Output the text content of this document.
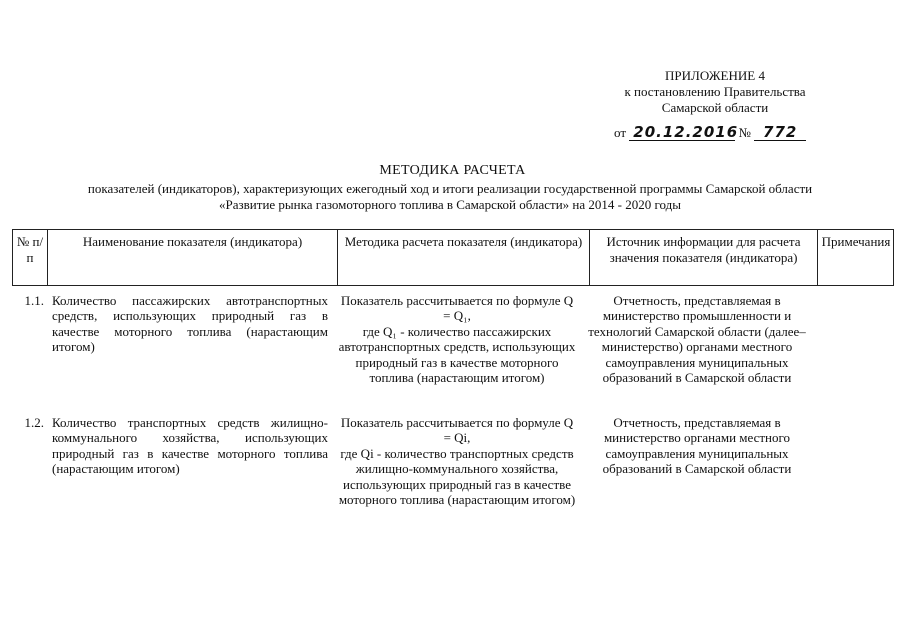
ПРИЛОЖЕНИЕ 4
к постановлению Правительства
Самарской области
от 20.12.2016 № 772
МЕТОДИКА РАСЧЕТА
показателей (индикаторов), характеризующих ежегодный ход и итоги реализации государственной программы Самарской области «Развитие рынка газомоторного топлива в Самарской области» на 2014 - 2020 годы
№ п/п
Наименование показателя (индикатора)	Методика расчета показателя (индикатора)	Источник информации для расчета значения показателя (индикатора)
Примечания
1.1. Количество пассажирских автотранспортных средств, использующих природный газ в качестве моторного топлива (нарастающим итогом)
Показатель рассчитывается по формуле Q = Q₁,
где Q₁ - количество пассажирских автотранспортных средств, использующих природный газ в качестве моторного топлива (нарастающим итогом)
Отчетность, представляемая в министерство промышленности и технологий Самарской области (далее– министерство) органами местного самоуправления муниципальных образований в Самарской области
1.2. Количество транспортных средств жилищно-коммунального хозяйства, использующих природный газ в качестве моторного топлива (нарастающим итогом)
Показатель рассчитывается по формуле Q = Qi,
где Qi - количество транспортных средств жилищно-коммунального хозяйства, использующих природный газ в качестве моторного топлива (нарастающим итогом)
Отчетность, представляемая в министерство органами местного самоуправления муниципальных образований в Самарской области
